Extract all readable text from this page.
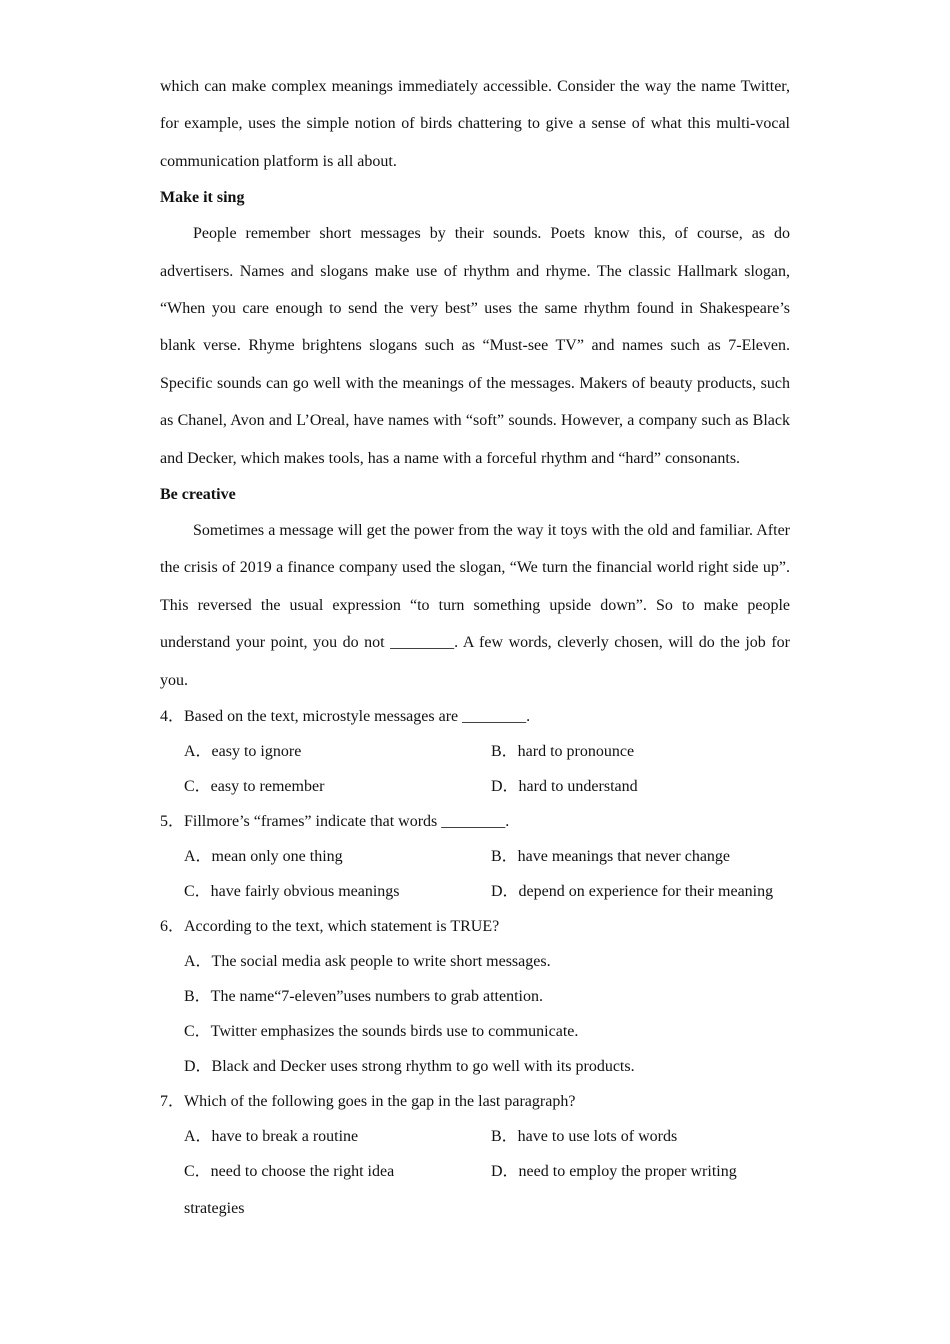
which can make complex meanings immediately accessible. Consider the way the name Twitter, for example, uses the simple notion of birds chattering to give a sense of what this multi-vocal communication platform is all about.

Make it sing

People remember short messages by their sounds. Poets know this, of course, as do advertisers. Names and slogans make use of rhythm and rhyme. The classic Hallmark slogan, “When you care enough to send the very best” uses the same rhythm found in Shakespeare’s blank verse. Rhyme brightens slogans such as “Must-see TV” and names such as 7-Eleven. Specific sounds can go well with the meanings of the messages. Makers of beauty products, such as Chanel, Avon and L’Oreal, have names with “soft” sounds. However, a company such as Black and Decker, which makes tools, has a name with a forceful rhythm and “hard” consonants.

Be creative

Sometimes a message will get the power from the way it toys with the old and familiar. After the crisis of 2019 a finance company used the slogan, “We turn the financial world right side up”. This reversed the usual expression “to turn something upside down”. So to make people understand your point, you do not ________. A few words, cleverly chosen, will do the job for you.

4．Based on the text, microstyle messages are ________.

A．easy to ignore	B．hard to pronounce
C．easy to remember	D．hard to understand

5．Fillmore’s “frames” indicate that words ________.

A．mean only one thing	B．have meanings that never change
C．have fairly obvious meanings	D．depend on experience for their meaning

6．According to the text, which statement is TRUE?

A．The social media ask people to write short messages.

B．The name“7-eleven”uses numbers to grab attention.

C．Twitter emphasizes the sounds birds use to communicate.

D．Black and Decker uses strong rhythm to go well with its products.

7．Which of the following goes in the gap in the last paragraph?

A．have to break a routine	B．have to use lots of words
C．need to choose the right idea	D．need to employ the proper writing

strategies
